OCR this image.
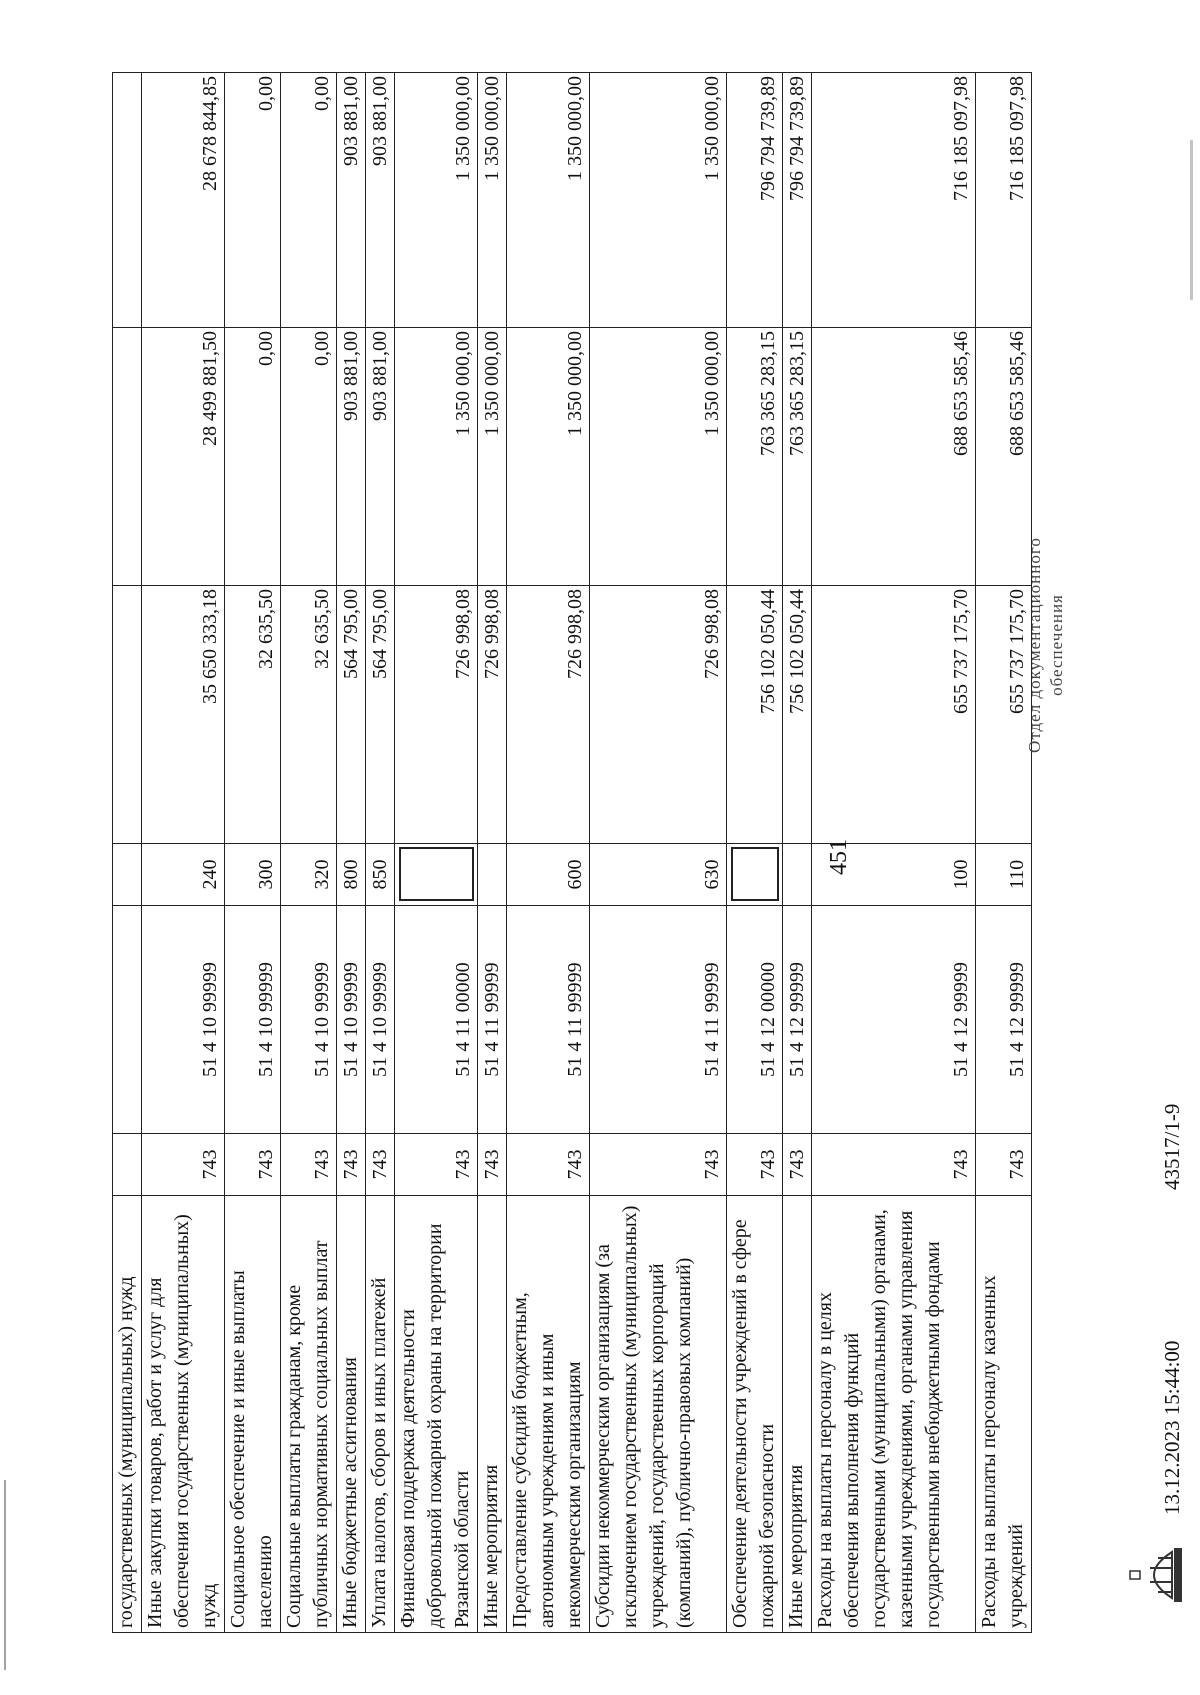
государственных (муниципальных) нужд						
Иные закупки товаров, работ и услуг для обеспечения государственных (муниципальных) нужд	743	51 4 10 99999	240	35 650 333,18	28 499 881,50	28 678 844,85
Социальное обеспечение и иные выплаты населению	743	51 4 10 99999	300	32 635,50	0,00	0,00
Социальные выплаты гражданам, кроме публичных нормативных социальных выплат	743	51 4 10 99999	320	32 635,50	0,00	0,00
Иные бюджетные ассигнования	743	51 4 10 99999	800	564 795,00	903 881,00	903 881,00
Уплата налогов, сборов и иных платежей	743	51 4 10 99999	850	564 795,00	903 881,00	903 881,00
Финансовая поддержка деятельности добровольной пожарной охраны на территории Рязанской области	743	51 4 11 00000		726 998,08	1 350 000,00	1 350 000,00
Иные мероприятия	743	51 4 11 99999		726 998,08	1 350 000,00	1 350 000,00
Предоставление субсидий бюджетным, автономным учреждениям и иным некоммерческим организациям	743	51 4 11 99999	600	726 998,08	1 350 000,00	1 350 000,00
Субсидии некоммерческим организациям (за исключением государственных (муниципальных) учреждений, государственных корпораций (компаний), публично-правовых компаний)	743	51 4 11 99999	630	726 998,08	1 350 000,00	1 350 000,00
Обеспечение деятельности учреждений в сфере пожарной безопасности	743	51 4 12 00000		756 102 050,44	763 365 283,15	796 794 739,89
Иные мероприятия	743	51 4 12 99999		756 102 050,44	763 365 283,15	796 794 739,89
Расходы на выплаты персоналу в целях обеспечения выполнения функций государственными (муниципальными) органами, казенными учреждениями, органами управления государственными внебюджетными фондами	743	51 4 12 99999	100	655 737 175,70	688 653 585,46	716 185 097,98
Расходы на выплаты персоналу казенных учреждений	743	51 4 12 99999	110	655 737 175,70	688 653 585,46	716 185 097,98
451
Отдел документационного обеспечения
13.12.2023 15:44:00
43517/1-9
